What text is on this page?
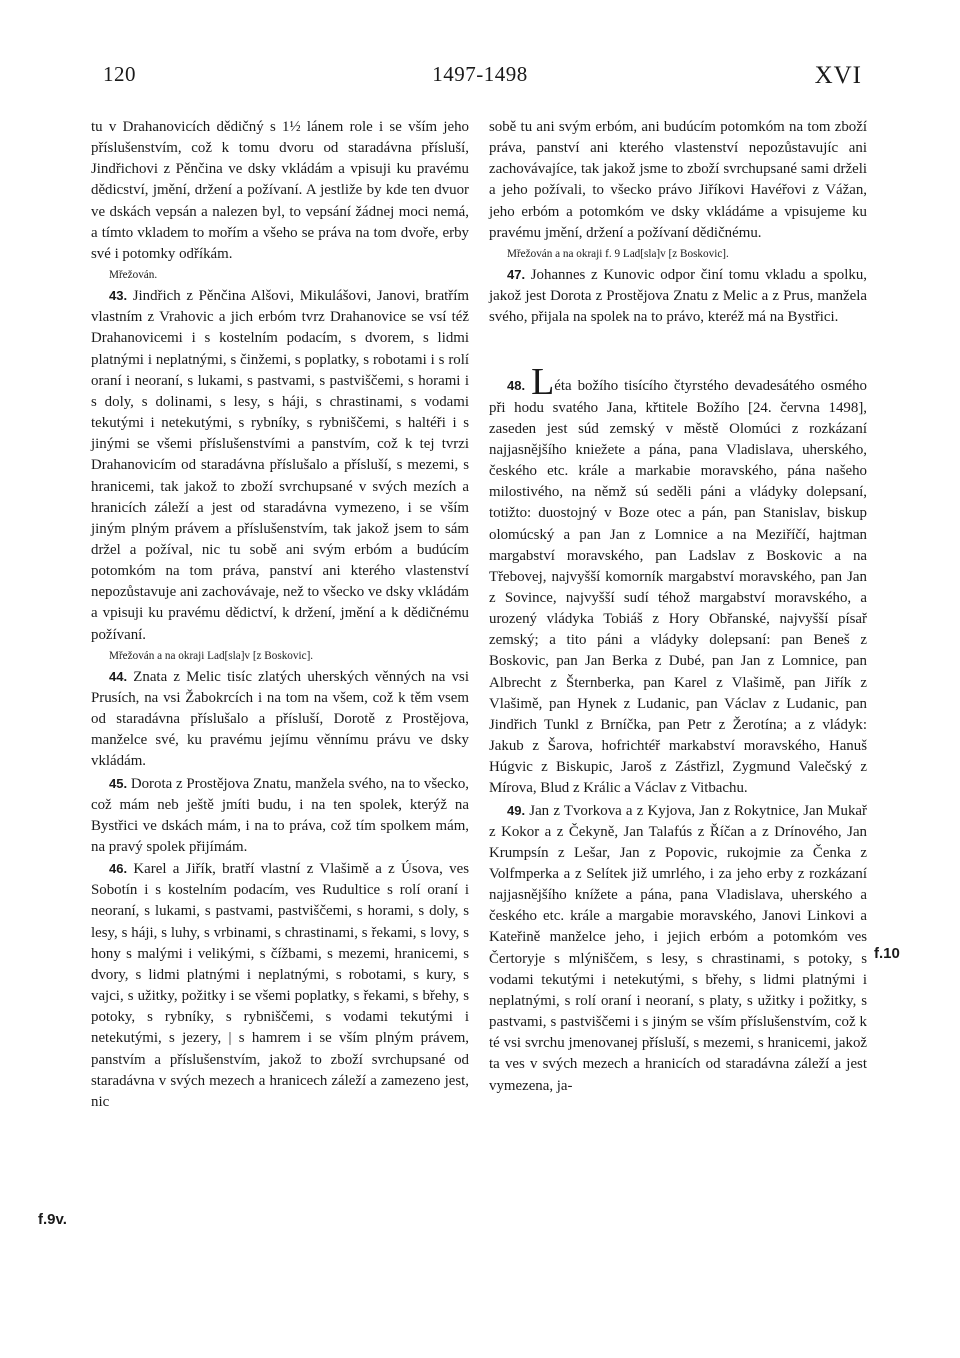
120	1497-1498	XVI
f.9v.
f.10

tu v Drahanovicích dědičný s 1½ lánem role i se vším jeho příslušenstvím, což k tomu dvoru od staradávna přísluší, Jindřichovi z Pěnčina ve dsky vkládám a vpisuji ku pravému dědicství, jmění, držení a požívaní. A jestliže by kde ten dvuor ve dskách vepsán a nalezen byl, to vepsání žádnej moci nemá, a tímto vkladem to mořím a všeho se práva na tom dvoře, erby své i potomky odříkám.

Mřežován.

43. Jindřich z Pěnčina Alšovi, Mikulášovi, Janovi, bratřím vlastním z Vrahovic a jich erbóm tvrz Drahanovice se vsí též Drahanovicemi i s kostelním podacím, s dvorem, s lidmi platnými i neplatnými, s činžemi, s poplatky, s robotami i s rolí oraní i neoraní, s lukami, s pastvami, s pastviščemi, s horami i s doly, s dolinami, s lesy, s háji, s chrastinami, s vodami tekutými i netekutými, s rybníky, s rybniščemi, s haltéři i s jinými se všemi příslušenstvími a panstvím, což k tej tvrzi Drahanovicím od staradávna příslušalo a přísluší, s mezemi, s hranicemi, tak jakož to zboží svrchupsané v svých mezích a hranicích záleží a jest od staradávna vymezeno, i se vším jiným plným právem a příslušenstvím, tak jakož jsem to sám držel a požíval, nic tu sobě ani svým erbóm a budúcím potomkóm na tom práva, panství ani kterého vlastenství nepozůstavuje ani zachovávaje, než to všecko ve dsky vkládám a vpisuji ku pravému dědictví, k držení, jmění a k dědičnému požívaní.

Mřežován a na okraji Lad[sla]v [z Boskovic].

44. Znata z Melic tisíc zlatých uherských věnných na vsi Prusích, na vsi Žabokrcích i na tom na všem, což k těm vsem od staradávna příslušalo a přísluší, Dorotě z Prostějova, manželce své, ku pravému jejímu věnnímu právu ve dsky vkládám.

45. Dorota z Prostějova Znatu, manžela svého, na to všecko, což mám neb ještě jmíti budu, i na ten spolek, kterýž na Bystřici ve dskách mám, i na to práva, což tím spolkem mám, na pravý spolek přijímám.

46. Karel a Jiřík, bratří vlastní z Vlašimě a z Úsova, ves Sobotín i s kostelním podacím, ves Rudultice s rolí oraní i neoraní, s lukami, s pastvami, pastviščemi, s horami, s doly, s lesy, s háji, s luhy, s vrbinami, s chrastinami, s řekami, s lovy, s hony s malými i velikými, s čížbami, s mezemi, hranicemi, s dvory, s lidmi platnými i neplatnými, s robotami, s kury, s vajci, s užitky, požitky i se všemi poplatky, s řekami, s břehy, s potoky, s rybníky, s rybniščemi, s vodami tekutými i netekutými, s jezery, | s hamrem i se vším plným právem, panstvím a příslušenstvím, jakož to zboží svrchupsané od staradávna v svých mezech a hranicech záleží a zamezeno jest, nic

sobě tu ani svým erbóm, ani budúcím potomkóm na tom zboží práva, panství ani kterého vlastenství nepozůstavujíc ani zachovávajíce, tak jakož jsme to zboží svrchupsané sami drželi a jeho požívali, to všecko právo Jiříkovi Havéřovi z Vážan, jeho erbóm a potomkóm ve dsky vkládáme a vpisujeme ku pravému jmění, držení a požívaní dědičnému.

Mřežován a na okraji f. 9 Lad[sla]v [z Boskovic].

47. Johannes z Kunovic odpor činí tomu vkladu a spolku, jakož jest Dorota z Prostějova Znatu z Melic a z Prus, manžela svého, přijala na spolek na to právo, kteréž má na Bystřici.

48. Léta božího tisícího čtyrstého devadesátého osmého při hodu svatého Jana, křtitele Božího [24. června 1498], zaseden jest súd zemský v městě Olomúci z rozkázaní najjasnějšího kniežete a pána, pana Vladislava, uherského, českého etc. krále a markabie moravského, pána našeho milostivého, na němž sú seděli páni a vládyky dolepsaní, totižto: duostojný v Boze otec a pán, pan Stanislav, biskup olomúcský a pan Jan z Lomnice a na Meziříčí, hajtman margabství moravského, pan Ladslav z Boskovic a na Třebovej, najvyšší komorník margabství moravského, pan Jan z Sovince, najvyšší sudí téhož margabství moravského, a urozený vládyka Tobiáš z Hory Obřanské, najvyšší písař zemský; a tito páni a vládyky dolepsaní: pan Beneš z Boskovic, pan Jan Berka z Dubé, pan Jan z Lomnice, pan Albrecht z Šternberka, pan Karel z Vlašimě, pan Jiřík z Vlašimě, pan Hynek z Ludanic, pan Václav z Ludanic, pan Jindřich Tunkl z Brníčka, pan Petr z Žerotína; a z vládyk: Jakub z Šarova, hofrichtéř markabství moravského, Hanuš Húgvic z Biskupic, Jaroš z Zástřizl, Zygmund Valečský z Mírova, Blud z Králic a Václav z Vitbachu.

49. Jan z Tvorkova a z Kyjova, Jan z Rokytnice, Jan Mukař z Kokor a z Čekyně, Jan Talafús z Říčan a z Drínového, Jan Krumpsín z Lešar, Jan z Popovic, rukojmie za Čenka z Volfmperka a z Selítek již umrlého, i za jeho erby z rozkázaní najjasnějšího knížete a pána, pana Vladislava, uherského a českého etc. krále a margabie moravského, Janovi Linkovi a Kateřině manželce jeho, i jejich erbóm a potomkóm ves Čertoryje s mlýniščem, s lesy, s chrastinami, s potoky, s vodami tekutými i netekutými, s břehy, s lidmi platnými i neplatnými, s rolí oraní i neoraní, s platy, s užitky i požitky, s pastvami, s pastviščemi i s jiným se vším příslušenstvím, což k té vsi svrchu jmenovanej přísluší, s mezemi, s hranicemi, jakož ta ves v svých mezech a hranicích od staradávna záleží a jest vymezena, ja-
